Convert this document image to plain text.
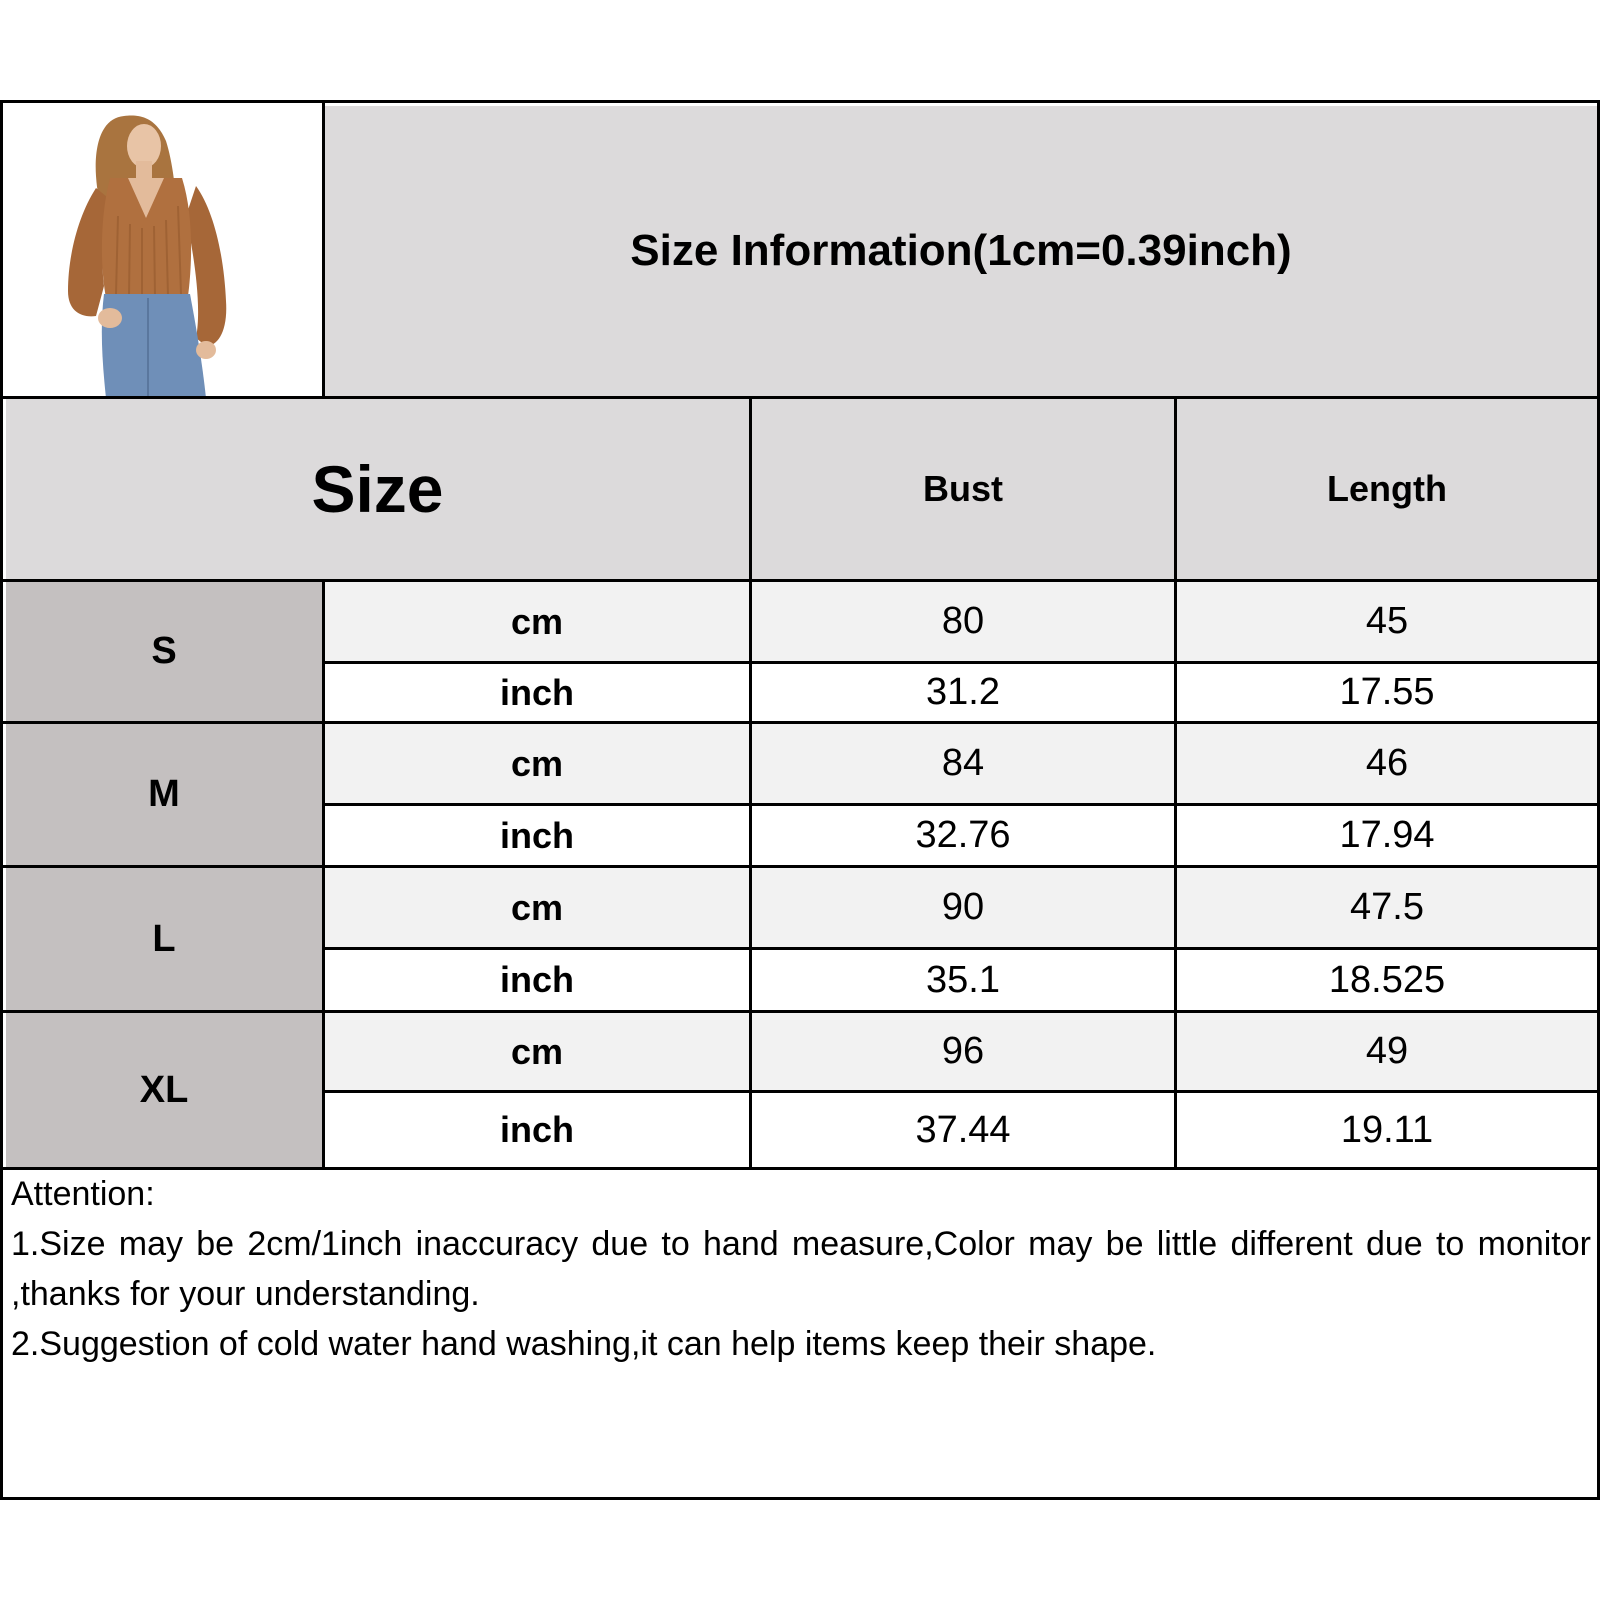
Size Information(1cm=0.39inch)
Size	Bust	Length
S
cm	80	45
inch	31.2	17.55
M
cm	84	46
inch	32.76	17.94
L
cm	90	47.5
inch	35.1	18.525
XL
cm	96	49
inch	37.44	19.11

Attention:

1.Size may be 2cm/1inch inaccuracy due to hand measure,Color may be little different due to monitor ,thanks for your understanding.

2.Suggestion of cold water hand washing,it can help items keep their shape.
